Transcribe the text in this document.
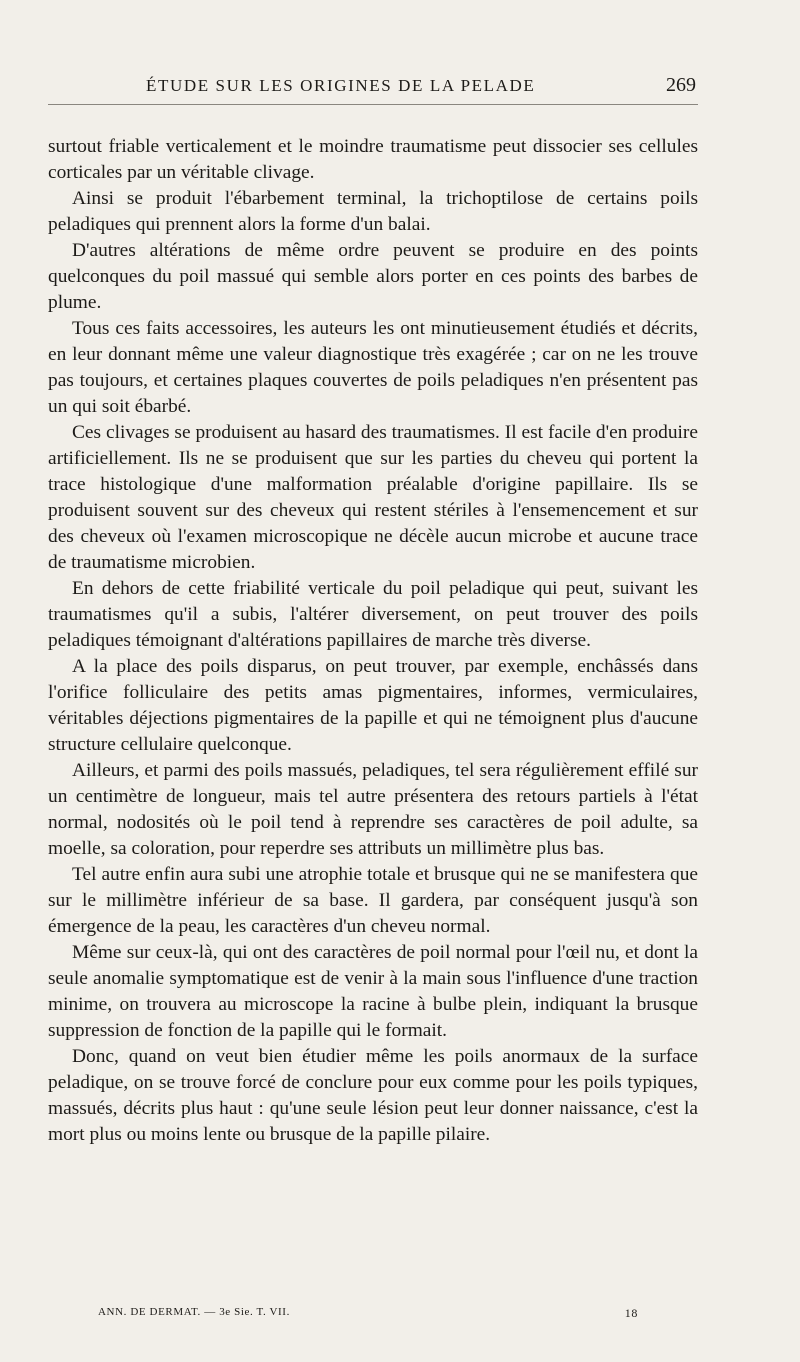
ÉTUDE SUR LES ORIGINES DE LA PELADE	269

surtout friable verticalement et le moindre traumatisme peut dissocier ses cellules corticales par un véritable clivage.

Ainsi se produit l'ébarbement terminal, la trichoptilose de certains poils peladiques qui prennent alors la forme d'un balai.

D'autres altérations de même ordre peuvent se produire en des points quelconques du poil massué qui semble alors porter en ces points des barbes de plume.

Tous ces faits accessoires, les auteurs les ont minutieusement étudiés et décrits, en leur donnant même une valeur diagnostique très exagérée ; car on ne les trouve pas toujours, et certaines plaques couvertes de poils peladiques n'en présentent pas un qui soit ébarbé.

Ces clivages se produisent au hasard des traumatismes. Il est facile d'en produire artificiellement. Ils ne se produisent que sur les parties du cheveu qui portent la trace histologique d'une malformation préalable d'origine papillaire. Ils se produisent souvent sur des cheveux qui restent stériles à l'ensemencement et sur des cheveux où l'examen microscopique ne décèle aucun microbe et aucune trace de traumatisme microbien.

En dehors de cette friabilité verticale du poil peladique qui peut, suivant les traumatismes qu'il a subis, l'altérer diversement, on peut trouver des poils peladiques témoignant d'altérations papillaires de marche très diverse.

A la place des poils disparus, on peut trouver, par exemple, enchâssés dans l'orifice folliculaire des petits amas pigmentaires, informes, vermiculaires, véritables déjections pigmentaires de la papille et qui ne témoignent plus d'aucune structure cellulaire quelconque.

Ailleurs, et parmi des poils massués, peladiques, tel sera régulièrement effilé sur un centimètre de longueur, mais tel autre présentera des retours partiels à l'état normal, nodosités où le poil tend à reprendre ses caractères de poil adulte, sa moelle, sa coloration, pour reperdre ses attributs un millimètre plus bas.

Tel autre enfin aura subi une atrophie totale et brusque qui ne se manifestera que sur le millimètre inférieur de sa base. Il gardera, par conséquent jusqu'à son émergence de la peau, les caractères d'un cheveu normal.

Même sur ceux-là, qui ont des caractères de poil normal pour l'œil nu, et dont la seule anomalie symptomatique est de venir à la main sous l'influence d'une traction minime, on trouvera au microscope la racine à bulbe plein, indiquant la brusque suppression de fonction de la papille qui le formait.

Donc, quand on veut bien étudier même les poils anormaux de la surface peladique, on se trouve forcé de conclure pour eux comme pour les poils typiques, massués, décrits plus haut : qu'une seule lésion peut leur donner naissance, c'est la mort plus ou moins lente ou brusque de la papille pilaire.

ANN. DE DERMAT. — 3e Sie. T. VII.	18
